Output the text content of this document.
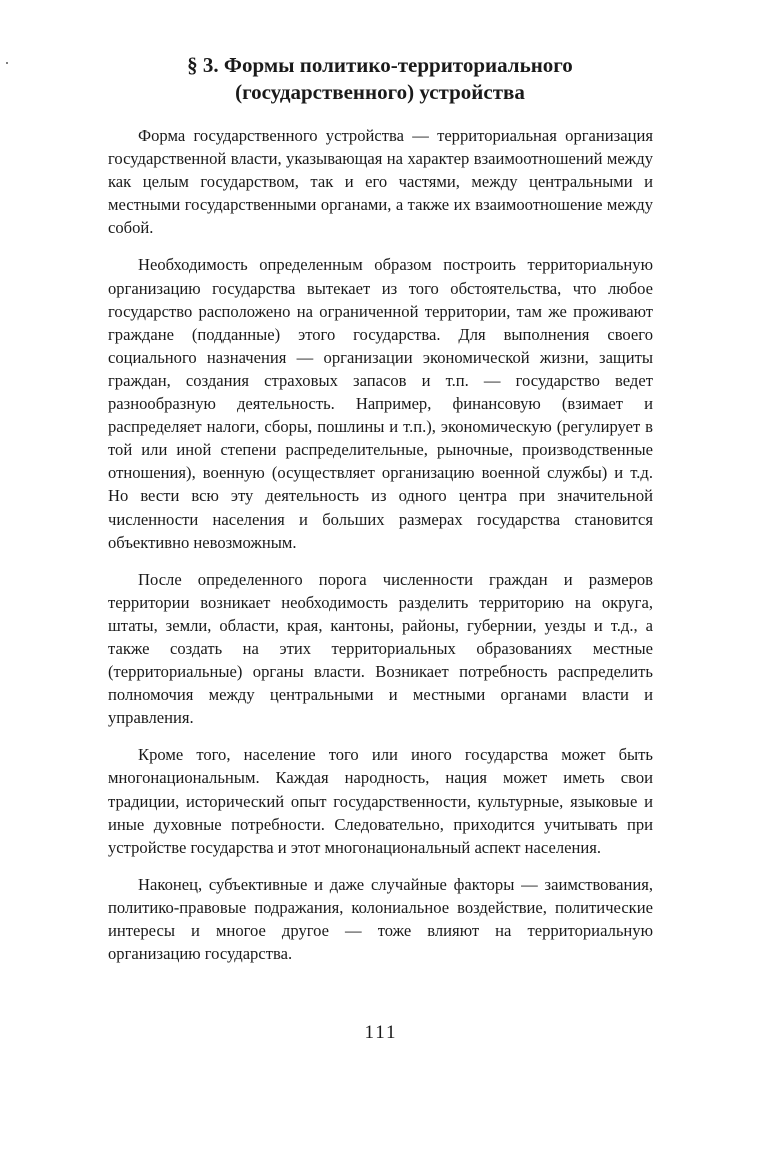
§ 3. Формы политико-территориального
(государственного) устройства

Форма государственного устройства — территориальная организация государственной власти, указывающая на характер взаимоотношений между как целым государством, так и его частями, между центральными и местными государственными органами, а также их взаимоотношение между собой.

Необходимость определенным образом построить территориальную организацию государства вытекает из того обстоятельства, что любое государство расположено на ограниченной территории, там же проживают граждане (подданные) этого государства. Для выполнения своего социального назначения — организации экономической жизни, защиты граждан, создания страховых запасов и т.п. — государство ведет разнообразную деятельность. Например, финансовую (взимает и распределяет налоги, сборы, пошлины и т.п.), экономическую (регулирует в той или иной степени распределительные, рыночные, производственные отношения), военную (осуществляет организацию военной службы) и т.д. Но вести всю эту деятельность из одного центра при значительной численности населения и больших размерах государства становится объективно невозможным.

После определенного порога численности граждан и размеров территории возникает необходимость разделить территорию на округа, штаты, земли, области, края, кантоны, районы, губернии, уезды и т.д., а также создать на этих территориальных образованиях местные (территориальные) органы власти. Возникает потребность распределить полномочия между центральными и местными органами власти и управления.

Кроме того, население того или иного государства может быть многонациональным. Каждая народность, нация может иметь свои традиции, исторический опыт государственности, культурные, языковые и иные духовные потребности. Следовательно, приходится учитывать при устройстве государства и этот многонациональный аспект населения.

Наконец, субъективные и даже случайные факторы — заимствования, политико-правовые подражания, колониальное воздействие, политические интересы и многое другое — тоже влияют на территориальную организацию государства.

111
